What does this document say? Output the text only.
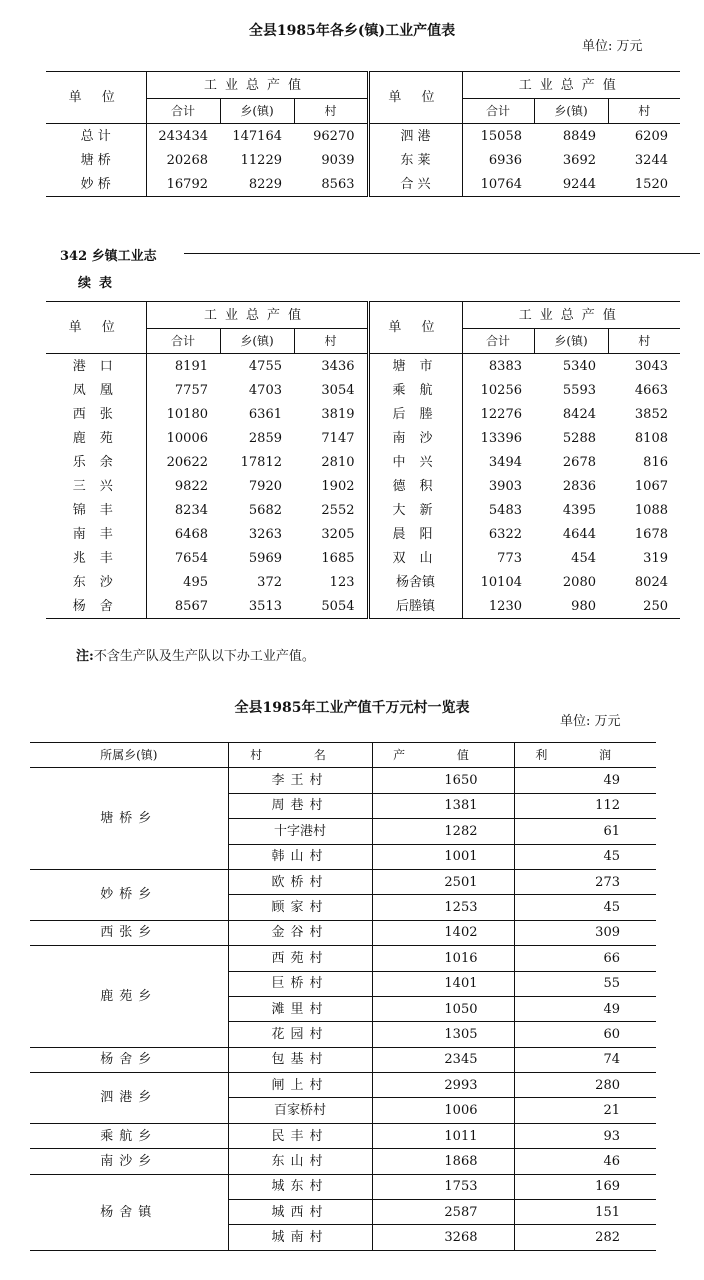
全县1985年各乡(镇)工业产值表
单位: 万元
单 位	工业总产值			单 位	工业总产值		
	合计	乡(镇)	村		合计	乡(镇)	村
总 计	243434	147164	96270	泗 港	15058	8849	6209
塘 桥	20268	11229	9039	东 莱	6936	3692	3244
妙 桥	16792	8229	8563	合 兴	10764	9244	1520
342 乡镇工业志
续表
单 位	工业总产值			单 位	工业总产值		
	合计	乡(镇)	村		合计	乡(镇)	村
港口	8191	4755	3436	塘市	8383	5340	3043
凤凰	7757	4703	3054	乘航	10256	5593	4663
西张	10180	6361	3819	后塍	12276	8424	3852
鹿苑	10006	2859	7147	南沙	13396	5288	8108
乐余	20622	17812	2810	中兴	3494	2678	816
三兴	9822	7920	1902	德积	3903	2836	1067
锦丰	8234	5682	2552	大新	5483	4395	1088
南丰	6468	3263	3205	晨阳	6322	4644	1678
兆丰	7654	5969	1685	双山	773	454	319
东沙	495	372	123	杨舍镇	10104	2080	8024
杨舍	8567	3513	5054	后塍镇	1230	980	250
注:不含生产队及生产队以下办工业产值。
全县1985年工业产值千万元村一览表
单位: 万元
所属乡(镇)	村 名	产 值	利 润
塘桥乡	李王村	1650	49
	周巷村	1381	112
	十字港村	1282	61
	韩山村	1001	45
妙桥乡	欧桥村	2501	273
	顾家村	1253	45
西张乡	金谷村	1402	309
鹿苑乡	西苑村	1016	66
	巨桥村	1401	55
	滩里村	1050	49
	花园村	1305	60
杨舍乡	包基村	2345	74
泗港乡	闸上村	2993	280
	百家桥村	1006	21
乘航乡	民丰村	1011	93
南沙乡	东山村	1868	46
杨舍镇	城东村	1753	169
	城西村	2587	151
	城南村	3268	282
